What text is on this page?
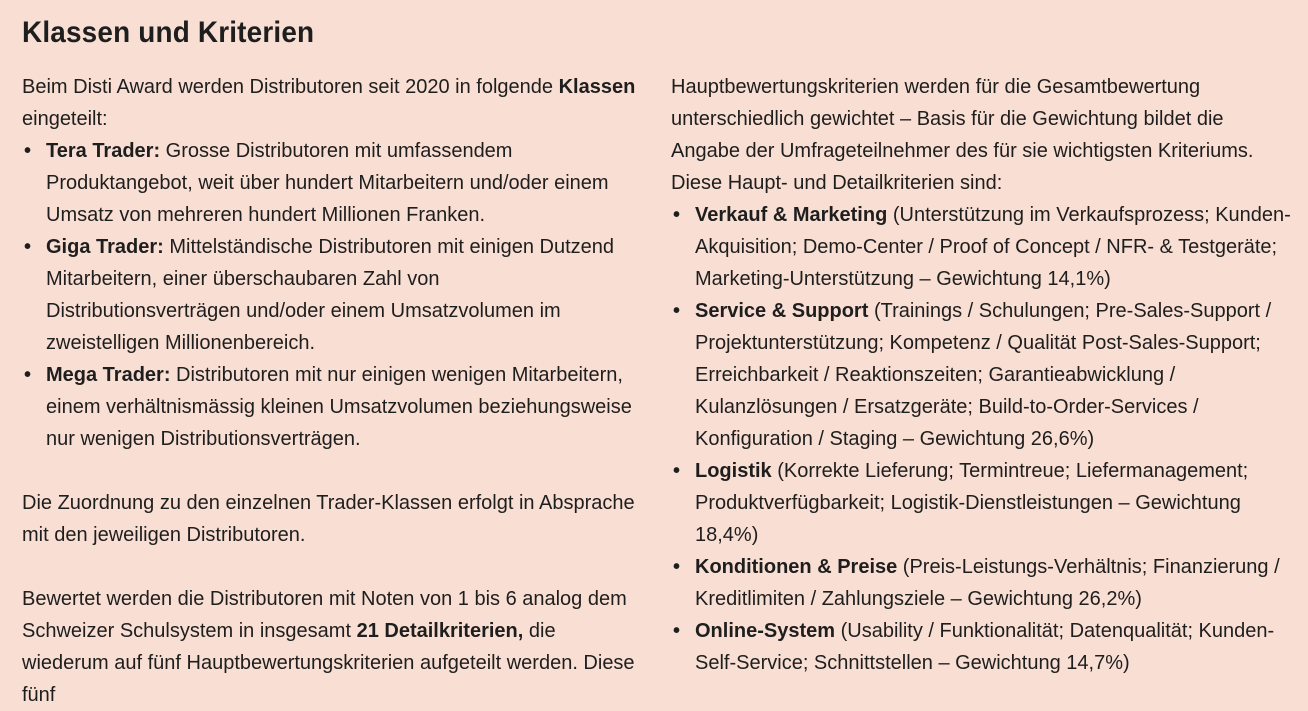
Klassen und Kriterien

Beim Disti Award werden Distributoren seit 2020 in folgende Klassen eingeteilt:

• Tera Trader: Grosse Distributoren mit umfassendem Produktangebot, weit über hundert Mitarbeitern und/oder einem Umsatz von mehreren hundert Millionen Franken.
• Giga Trader: Mittelständische Distributoren mit einigen Dutzend Mitarbeitern, einer überschaubaren Zahl von Distributionsverträgen und/oder einem Umsatzvolumen im zweistelligen Millionenbereich.
• Mega Trader: Distributoren mit nur einigen wenigen Mitarbeitern, einem verhältnismässig kleinen Umsatzvolumen beziehungsweise nur wenigen Distributionsverträgen.

Die Zuordnung zu den einzelnen Trader-Klassen erfolgt in Absprache mit den jeweiligen Distributoren.

Bewertet werden die Distributoren mit Noten von 1 bis 6 analog dem Schweizer Schulsystem in insgesamt 21 Detailkriterien, die wiederum auf fünf Hauptbewertungskriterien aufgeteilt werden. Diese fünf

Hauptbewertungskriterien werden für die Gesamtbewertung unterschiedlich gewichtet – Basis für die Gewichtung bildet die Angabe der Umfrageteilnehmer des für sie wichtigsten Kriteriums. Diese Haupt- und Detailkriterien sind:

• Verkauf & Marketing (Unterstützung im Verkaufsprozess; Kunden-Akquisition; Demo-Center / Proof of Concept / NFR- & Testgeräte; Marketing-Unterstützung – Gewichtung 14,1%)
• Service & Support (Trainings / Schulungen; Pre-Sales-Support / Projektunterstützung; Kompetenz / Qualität Post-Sales-Support; Erreichbarkeit / Reaktionszeiten; Garantieabwicklung / Kulanzlösungen / Ersatzgeräte; Build-to-Order-Services / Konfiguration / Staging – Gewichtung 26,6%)
• Logistik (Korrekte Lieferung; Termintreue; Liefermanagement; Produktverfügbarkeit; Logistik-Dienstleistungen – Gewichtung 18,4%)
• Konditionen & Preise (Preis-Leistungs-Verhältnis; Finanzierung / Kreditlimiten / Zahlungsziele – Gewichtung 26,2%)
• Online-System (Usability / Funktionalität; Datenqualität; Kunden-Self-Service; Schnittstellen – Gewichtung 14,7%)
